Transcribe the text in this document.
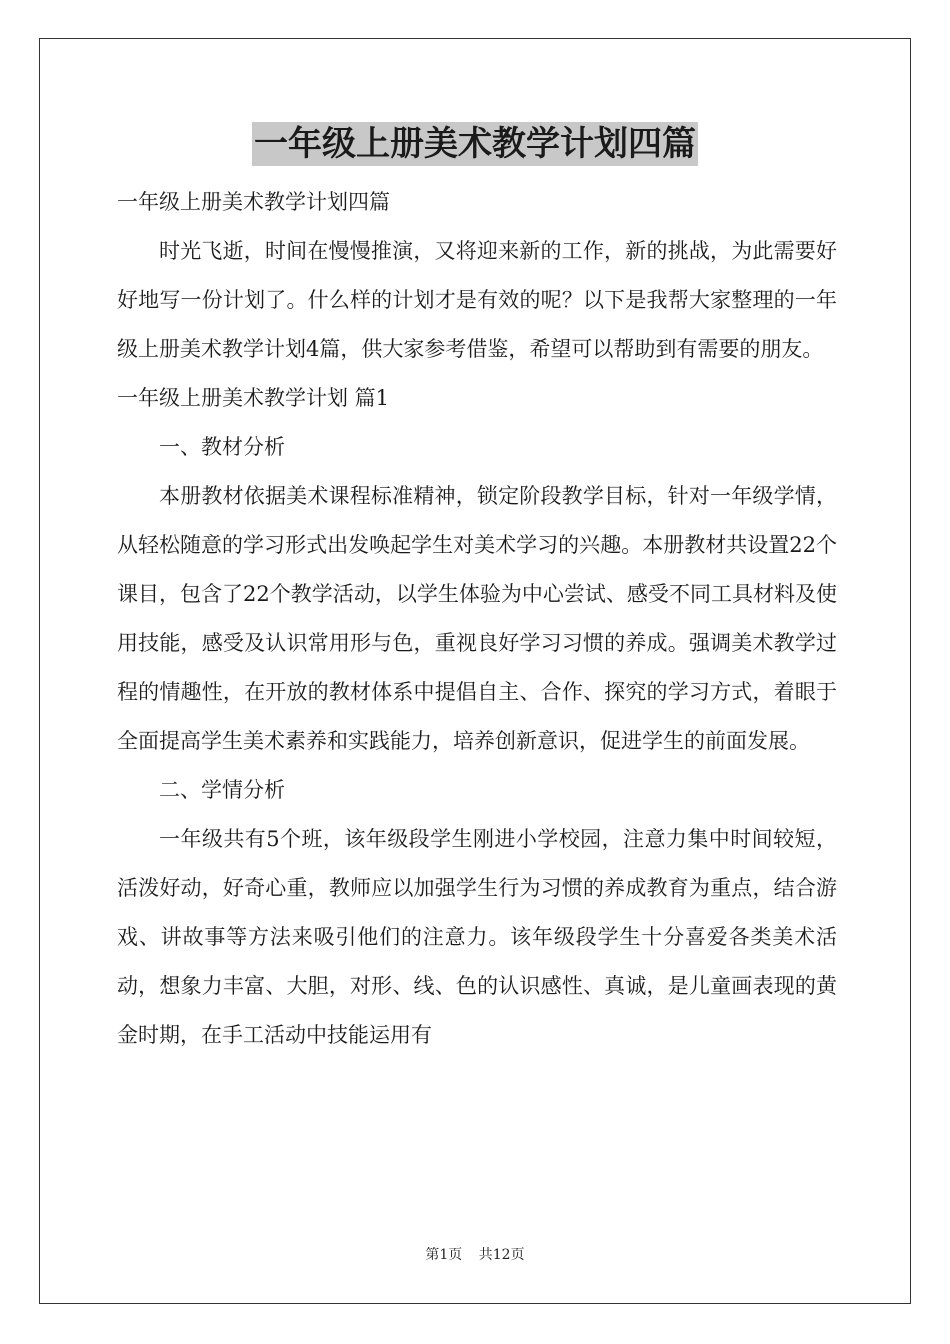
一年级上册美术教学计划四篇

一年级上册美术教学计划四篇

时光飞逝，时间在慢慢推演，又将迎来新的工作，新的挑战，为此需要好好地写一份计划了。什么样的计划才是有效的呢？以下是我帮大家整理的一年级上册美术教学计划4篇，供大家参考借鉴，希望可以帮助到有需要的朋友。

一年级上册美术教学计划 篇1

一、教材分析

本册教材依据美术课程标准精神，锁定阶段教学目标，针对一年级学情，从轻松随意的学习形式出发唤起学生对美术学习的兴趣。本册教材共设置22个课目，包含了22个教学活动，以学生体验为中心尝试、感受不同工具材料及使用技能，感受及认识常用形与色，重视良好学习习惯的养成。强调美术教学过程的情趣性，在开放的教材体系中提倡自主、合作、探究的学习方式，着眼于全面提高学生美术素养和实践能力，培养创新意识，促进学生的前面发展。

二、学情分析

一年级共有5个班，该年级段学生刚进小学校园，注意力集中时间较短，活泼好动，好奇心重，教师应以加强学生行为习惯的养成教育为重点，结合游戏、讲故事等方法来吸引他们的注意力。该年级段学生十分喜爱各类美术活动，想象力丰富、大胆，对形、线、色的认识感性、真诚，是儿童画表现的黄金时期，在手工活动中技能运用有

第1页 共12页
